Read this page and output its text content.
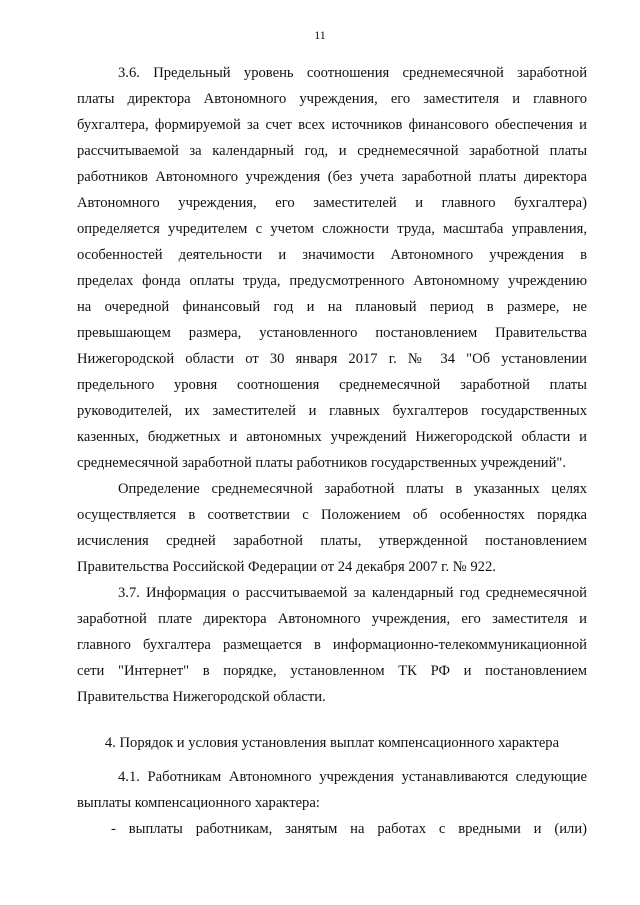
11
3.6. Предельный уровень соотношения среднемесячной заработной
платы директора Автономного учреждения, его заместителя и главного
бухгалтера, формируемой за счет всех источников финансового обеспечения и
рассчитываемой за календарный год, и среднемесячной заработной платы
работников Автономного учреждения (без учета заработной платы директора
Автономного учреждения, его заместителей и главного бухгалтера)
определяется учредителем с учетом сложности труда, масштаба управления,
особенностей деятельности и значимости Автономного учреждения в
пределах фонда оплаты труда, предусмотренного Автономному учреждению
на очередной финансовый год и на плановый период в размере, не
превышающем размера, установленного постановлением Правительства
Нижегородской области от 30 января 2017 г. № 34 "Об установлении
предельного уровня соотношения среднемесячной заработной платы
руководителей, их заместителей и главных бухгалтеров государственных
казенных, бюджетных и автономных учреждений Нижегородской области и
среднемесячной заработной платы работников государственных учреждений".
Определение среднемесячной заработной платы в указанных целях
осуществляется в соответствии с Положением об особенностях порядка
исчисления средней заработной платы, утвержденной постановлением
Правительства Российской Федерации от 24 декабря 2007 г. № 922.
3.7. Информация о рассчитываемой за календарный год среднемесячной
заработной плате директора Автономного учреждения, его заместителя и
главного бухгалтера размещается в информационно-телекоммуникационной
сети "Интернет" в порядке, установленном ТК РФ и постановлением
Правительства Нижегородской области.
4. Порядок и условия установления выплат компенсационного характера
4.1. Работникам Автономного учреждения устанавливаются следующие
выплаты компенсационного характера:
- выплаты работникам, занятым на работах с вредными и (или)
